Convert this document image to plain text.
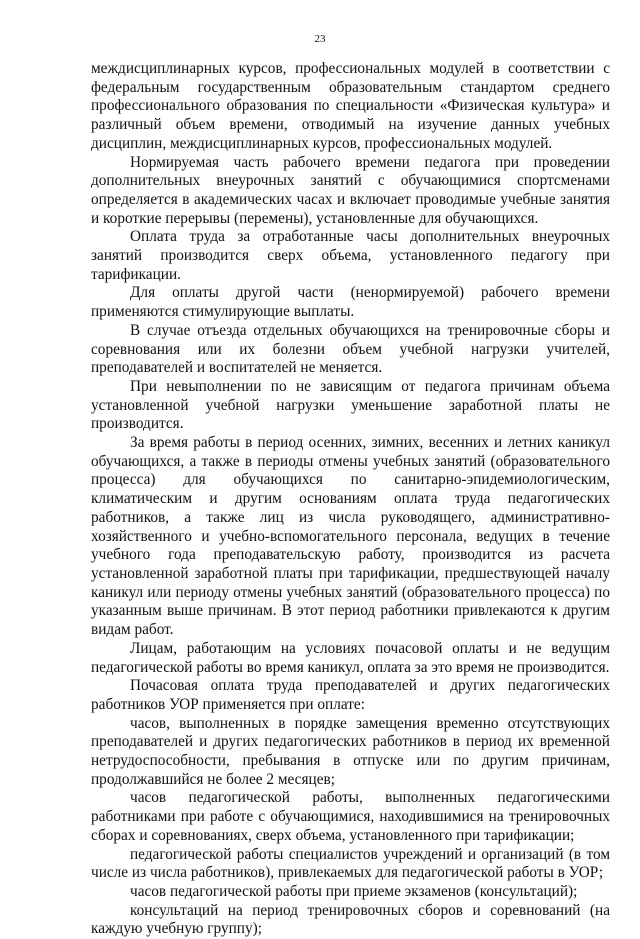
23

междисциплинарных курсов, профессиональных модулей в соответствии с федеральным государственным образовательным стандартом среднего профессионального образования по специальности «Физическая культура» и различный объем времени, отводимый на изучение данных учебных дисциплин, междисциплинарных курсов, профессиональных модулей.

Нормируемая часть рабочего времени педагога при проведении дополнительных внеурочных занятий с обучающимися спортсменами определяется в академических часах и включает проводимые учебные занятия и короткие перерывы (перемены), установленные для обучающихся.

Оплата труда за отработанные часы дополнительных внеурочных занятий производится сверх объема, установленного педагогу при тарификации.

Для оплаты другой части (ненормируемой) рабочего времени применяются стимулирующие выплаты.

В случае отъезда отдельных обучающихся на тренировочные сборы и соревнования или их болезни объем учебной нагрузки учителей, преподавателей и воспитателей не меняется.

При невыполнении по не зависящим от педагога причинам объема установленной учебной нагрузки уменьшение заработной платы не производится.

За время работы в период осенних, зимних, весенних и летних каникул обучающихся, а также в периоды отмены учебных занятий (образовательного процесса) для обучающихся по санитарно-эпидемиологическим, климатическим и другим основаниям оплата труда педагогических работников, а также лиц из числа руководящего, административно-хозяйственного и учебно-вспомогательного персонала, ведущих в течение учебного года преподавательскую работу, производится из расчета установленной заработной платы при тарификации, предшествующей началу каникул или периоду отмены учебных занятий (образовательного процесса) по указанным выше причинам. В этот период работники привлекаются к другим видам работ.

Лицам, работающим на условиях почасовой оплаты и не ведущим педагогической работы во время каникул, оплата за это время не производится.

Почасовая оплата труда преподавателей и других педагогических работников УОР применяется при оплате:

часов, выполненных в порядке замещения временно отсутствующих преподавателей и других педагогических работников в период их временной нетрудоспособности, пребывания в отпуске или по другим причинам, продолжавшийся не более 2 месяцев;

часов педагогической работы, выполненных педагогическими работниками при работе с обучающимися, находившимися на тренировочных сборах и соревнованиях, сверх объема, установленного при тарификации;

педагогической работы специалистов учреждений и организаций (в том числе из числа работников), привлекаемых для педагогической работы в УОР;

часов педагогической работы при приеме экзаменов (консультаций);

консультаций на период тренировочных сборов и соревнований (на каждую учебную группу);
